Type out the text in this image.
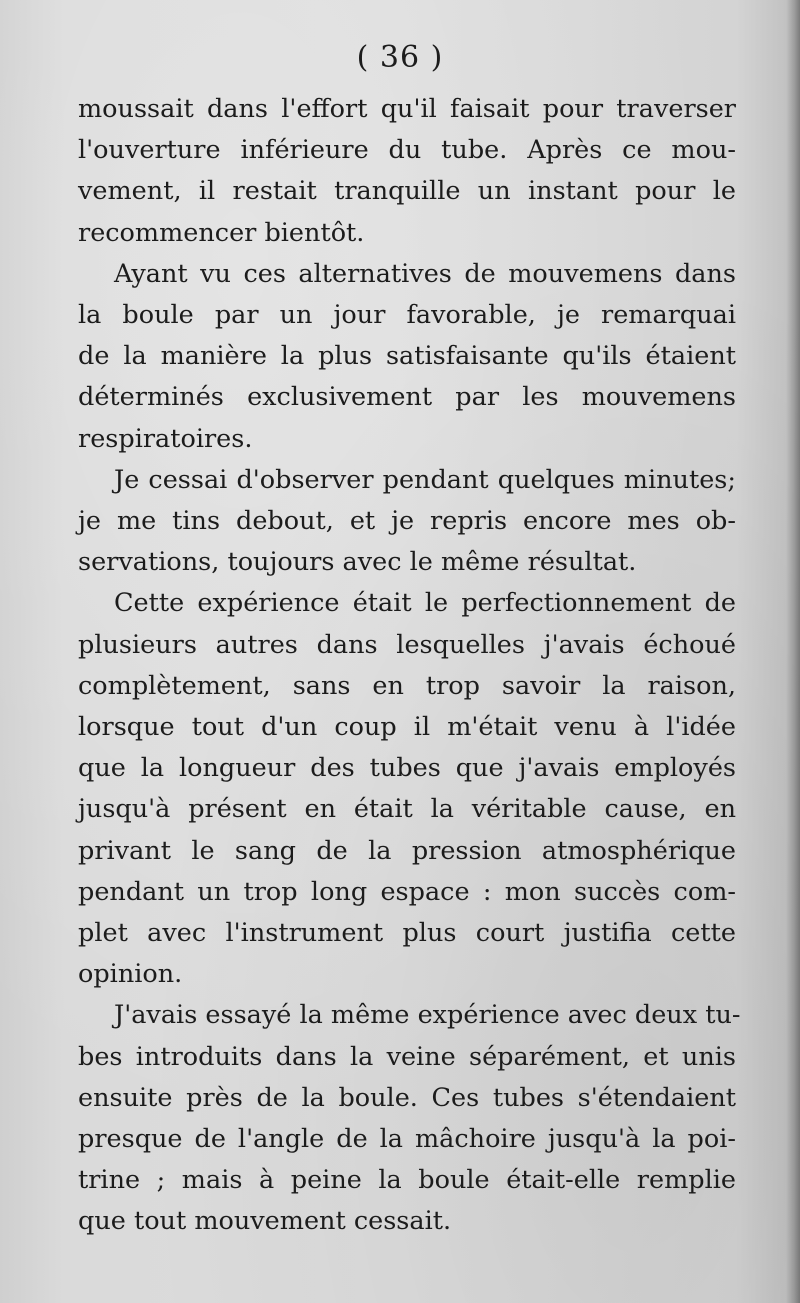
( 36 )

moussait dans l'effort qu'il faisait pour traverser
l'ouverture inférieure du tube. Après ce mou-
vement, il restait tranquille un instant pour le
recommencer bientôt.

Ayant vu ces alternatives de mouvemens dans
la boule par un jour favorable, je remarquai
de la manière la plus satisfaisante qu'ils étaient
déterminés exclusivement par les mouvemens
respiratoires.

Je cessai d'observer pendant quelques minutes;
je me tins debout, et je repris encore mes ob-
servations, toujours avec le même résultat.

Cette expérience était le perfectionnement de
plusieurs autres dans lesquelles j'avais échoué
complètement, sans en trop savoir la raison,
lorsque tout d'un coup il m'était venu à l'idée
que la longueur des tubes que j'avais employés
jusqu'à présent en était la véritable cause, en
privant le sang de la pression atmosphérique
pendant un trop long espace : mon succès com-
plet avec l'instrument plus court justifia cette
opinion.

J'avais essayé la même expérience avec deux tu-
bes introduits dans la veine séparément, et unis
ensuite près de la boule. Ces tubes s'étendaient
presque de l'angle de la mâchoire jusqu'à la poi-
trine ; mais à peine la boule était-elle remplie
que tout mouvement cessait.
